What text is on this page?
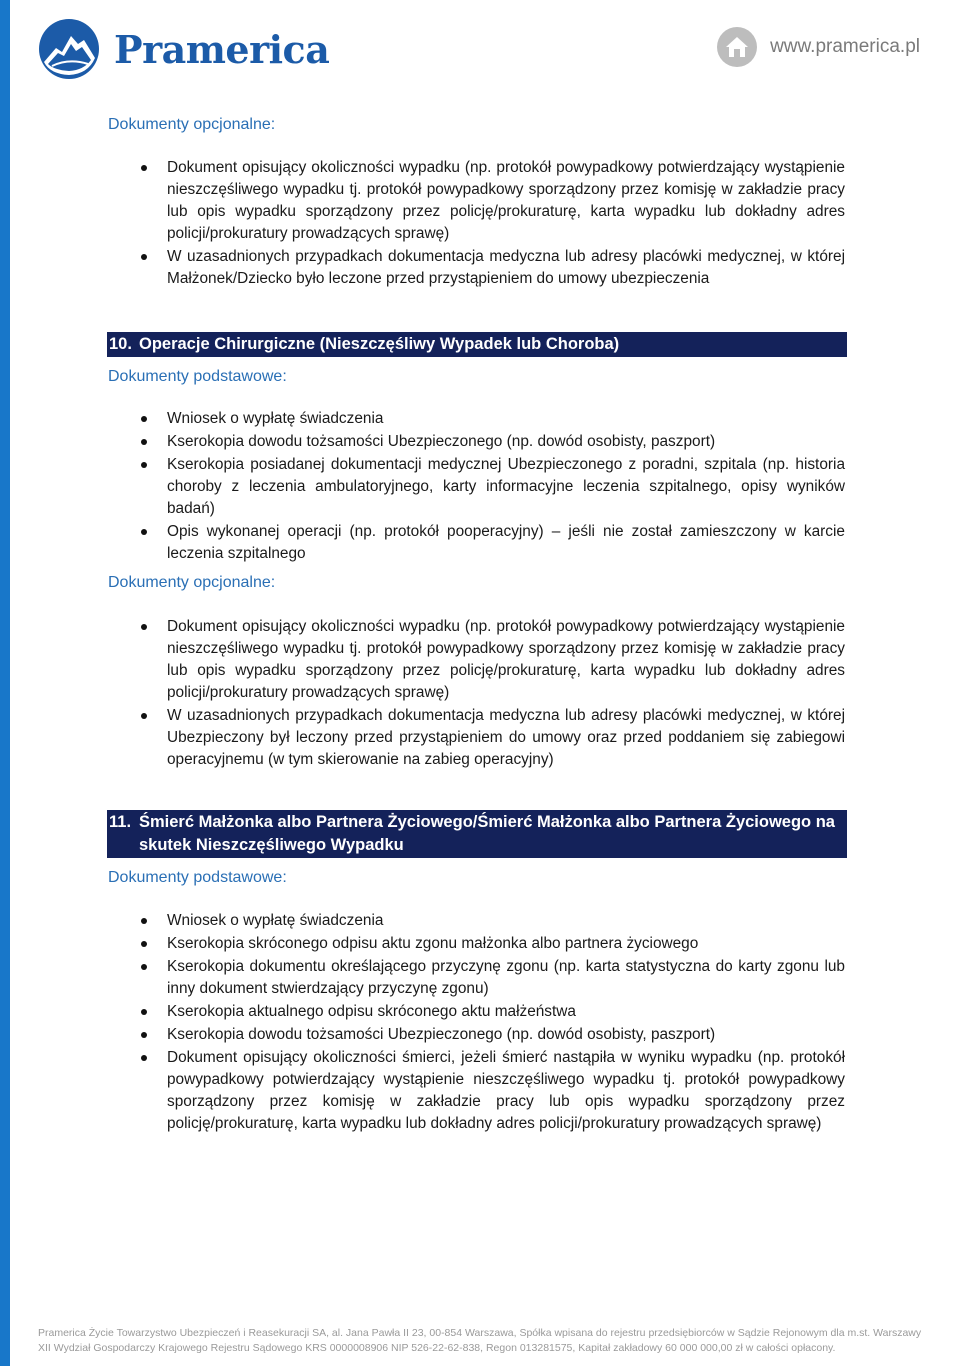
Pramerica	www.pramerica.pl
Dokumenty opcjonalne:
Dokument opisujący okoliczności wypadku (np. protokół powypadkowy potwierdzający wystąpienie nieszczęśliwego wypadku tj. protokół powypadkowy sporządzony przez komisję w zakładzie pracy lub opis wypadku sporządzony przez policję/prokuraturę, karta wypadku lub dokładny adres policji/prokuratury prowadzących sprawę)
W uzasadnionych przypadkach dokumentacja medyczna lub adresy placówki medycznej, w której Małżonek/Dziecko było leczone przed przystąpieniem do umowy ubezpieczenia
10. Operacje Chirurgiczne (Nieszczęśliwy Wypadek lub Choroba)
Dokumenty podstawowe:
Wniosek o wypłatę świadczenia
Kserokopia dowodu tożsamości Ubezpieczonego (np. dowód osobisty, paszport)
Kserokopia posiadanej dokumentacji medycznej Ubezpieczonego z poradni, szpitala (np. historia choroby z leczenia ambulatoryjnego, karty informacyjne leczenia szpitalnego, opisy wyników badań)
Opis wykonanej operacji (np. protokół pooperacyjny) – jeśli nie został zamieszczony w karcie leczenia szpitalnego
Dokumenty opcjonalne:
Dokument opisujący okoliczności wypadku (np. protokół powypadkowy potwierdzający wystąpienie nieszczęśliwego wypadku tj. protokół powypadkowy sporządzony przez komisję w zakładzie pracy lub opis wypadku sporządzony przez policję/prokuraturę, karta wypadku lub dokładny adres policji/prokuratury prowadzących sprawę)
W uzasadnionych przypadkach dokumentacja medyczna lub adresy placówki medycznej, w której Ubezpieczony był leczony przed przystąpieniem do umowy oraz przed poddaniem się zabiegowi operacyjnemu (w tym skierowanie na zabieg operacyjny)
11. Śmierć Małżonka albo Partnera Życiowego/Śmierć Małżonka albo Partnera Życiowego na skutek Nieszczęśliwego Wypadku
Dokumenty podstawowe:
Wniosek o wypłatę świadczenia
Kserokopia skróconego odpisu aktu zgonu małżonka albo partnera życiowego
Kserokopia dokumentu określającego przyczynę zgonu (np. karta statystyczna do karty zgonu lub inny dokument stwierdzający przyczynę zgonu)
Kserokopia aktualnego odpisu skróconego aktu małżeństwa
Kserokopia dowodu tożsamości Ubezpieczonego (np. dowód osobisty, paszport)
Dokument opisujący okoliczności śmierci, jeżeli śmierć nastąpiła w wyniku wypadku (np. protokół powypadkowy potwierdzający wystąpienie nieszczęśliwego wypadku tj. protokół powypadkowy sporządzony przez komisję w zakładzie pracy lub opis wypadku sporządzony przez policję/prokuraturę, karta wypadku lub dokładny adres policji/prokuratury prowadzących sprawę)
Pramerica Życie Towarzystwo Ubezpieczeń i Reasekuracji SA, al. Jana Pawła II 23, 00-854 Warszawa, Spółka wpisana do rejestru przedsiębiorców w Sądzie Rejonowym dla m.st. Warszawy
XII Wydział Gospodarczy Krajowego Rejestru Sądowego KRS 0000008906 NIP 526-22-62-838, Regon 013281575, Kapitał zakładowy 60 000 000,00 zł w całości opłacony.
